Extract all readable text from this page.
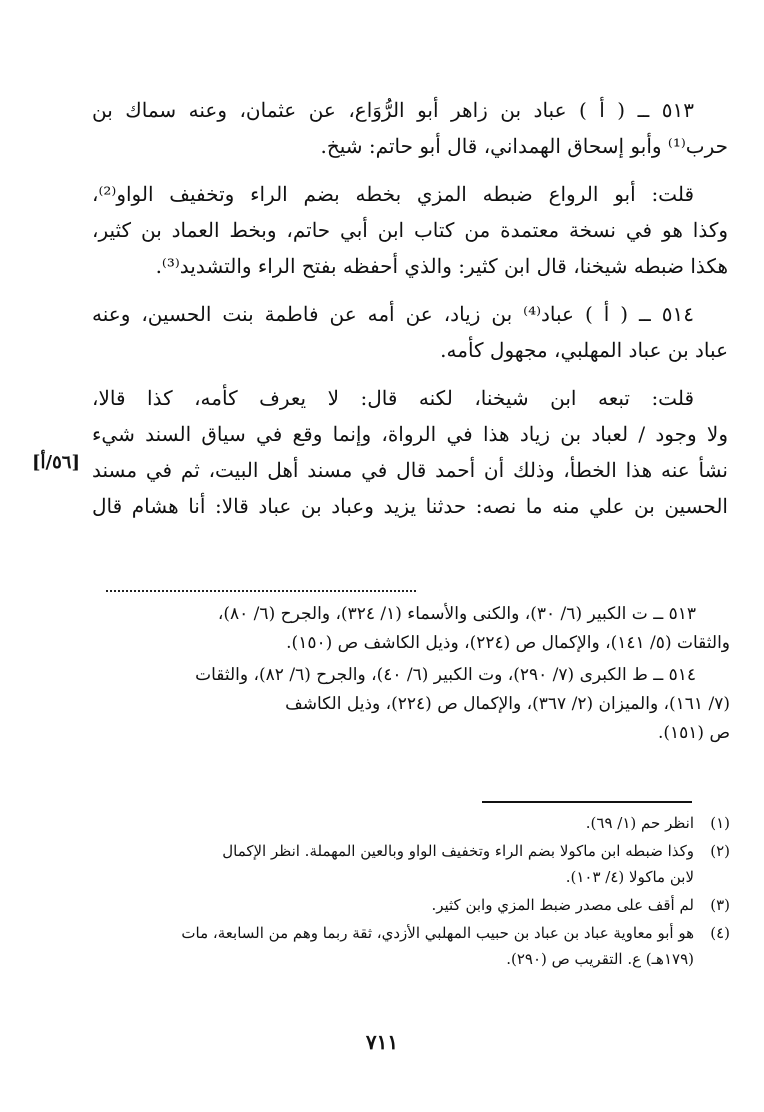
٥١٣ ــ ( أ ) عباد بن زاهر أبو الرُّوَاع، عن عثمان، وعنه سماك بن
حرب⁽¹⁾ وأبو إسحاق الهمداني، قال أبو حاتم: شيخ.

قلت: أبو الرواع ضبطه المزي بخطه بضم الراء وتخفيف الواو⁽²⁾،
وكذا هو في نسخة معتمدة من كتاب ابن أبي حاتم، وبخط العماد بن كثير،
هكذا ضبطه شيخنا، قال ابن كثير: والذي أحفظه بفتح الراء والتشديد⁽³⁾.

٥١٤ ــ ( أ ) عباد⁽⁴⁾ بن زياد، عن أمه عن فاطمة بنت الحسين، وعنه
عباد بن عباد المهلبي، مجهول كأمه.

قلت: تبعه ابن شيخنا، لكنه قال: لا يعرف كأمه، كذا قالا،
ولا وجود / لعباد بن زياد هذا في الرواة، وإنما وقع في سياق السند شيء
نشأ عنه هذا الخطأ، وذلك أن أحمد قال في مسند أهل البيت، ثم في مسند
الحسين بن علي منه ما نصه: حدثنا يزيد وعباد بن عباد قالا: أنا هشام قال

[٥٦/أ]

٥١٣ ــ ت الكبير (٦/ ٣٠)، والكنى والأسماء (١/ ٣٢٤)، والجرح (٦/ ٨٠)،
والثقات (٥/ ١٤١)، والإكمال ص (٢٢٤)، وذيل الكاشف ص (١٥٠).

٥١٤ ــ ط الكبرى (٧/ ٢٩٠)، وت الكبير (٦/ ٤٠)، والجرح (٦/ ٨٢)، والثقات
(٧/ ١٦١)، والميزان (٢/ ٣٦٧)، والإكمال ص (٢٢٤)، وذيل الكاشف
ص (١٥١).

(١)انظر حم (١/ ٦٩).
(٢)وكذا ضبطه ابن ماكولا بضم الراء وتخفيف الواو وبالعين المهملة. انظر الإكمال
لابن ماكولا (٤/ ١٠٣).
(٣)لم أقف على مصدر ضبط المزي وابن كثير.
(٤)هو أبو معاوية عباد بن عباد بن حبيب المهلبي الأزدي، ثقة ربما وهم من السابعة، مات
(١٧٩هـ) ع. التقريب ص (٢٩٠).
٧١١
